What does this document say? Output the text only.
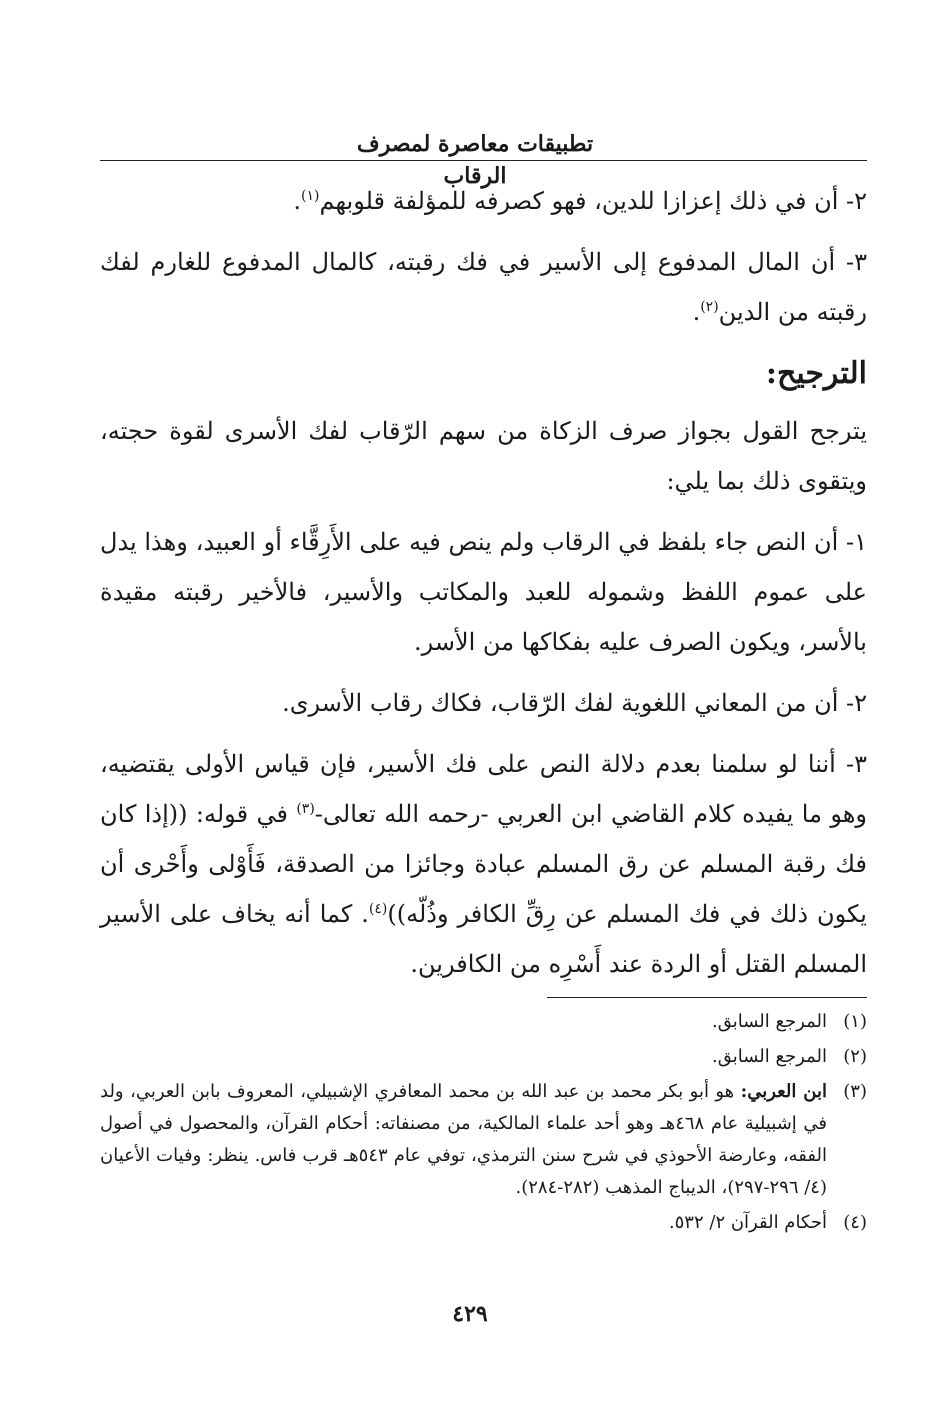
تطبيقات معاصرة لمصرف الرقاب

٢- أن في ذلك إعزازا للدين، فهو كصرفه للمؤلفة قلوبهم$^{(١)}$.

٣- أن المال المدفوع إلى الأسير في فك رقبته، كالمال المدفوع للغارم لفك رقبته من الدين$^{(٢)}$.

الترجيح:

يترجح القول بجواز صرف الزكاة من سهم الرّقاب لفك الأسرى لقوة حجته، ويتقوى ذلك بما يلي:

١- أن النص جاء بلفظ في الرقاب ولم ينص فيه على الأَرِقَّاء أو العبيد، وهذا يدل على عموم اللفظ وشموله للعبد والمكاتب والأسير، فالأخير رقبته مقيدة بالأسر، ويكون الصرف عليه بفكاكها من الأسر.

٢- أن من المعاني اللغوية لفك الرّقاب، فكاك رقاب الأسرى.

٣- أننا لو سلمنا بعدم دلالة النص على فك الأسير، فإن قياس الأولى يقتضيه، وهو ما يفيده كلام القاضي ابن العربي -رحمه الله تعالى-$^{(٣)}$ في قوله: ((إذا كان فك رقبة المسلم عن رق المسلم عبادة وجائزا من الصدقة، فَأَوْلى وأَحْرى أن يكون ذلك في فك المسلم عن رِقِّ الكافر وذُلّه))$^{(٤)}$. كما أنه يخاف على الأسير المسلم القتل أو الردة عند أَسْرِه من الكافرين.

(١)
المرجع السابق.
(٢)
المرجع السابق.
(٣)
ابن العربي: هو أبو بكر محمد بن عبد الله بن محمد المعافري الإشبيلي، المعروف بابن العربي، ولد في إشبيلية عام ٤٦٨هـ وهو أحد علماء المالكية، من مصنفاته: أحكام القرآن، والمحصول في أصول الفقه، وعارضة الأحوذي في شرح سنن الترمذي، توفي عام ٥٤٣هـ قرب فاس. ينظر: وفيات الأعيان (٤/ ٢٩٦-٢٩٧)، الديباج المذهب (٢٨٢-٢٨٤).
(٤)
أحكام القرآن ٢/ ٥٣٢.
٤٢٩
